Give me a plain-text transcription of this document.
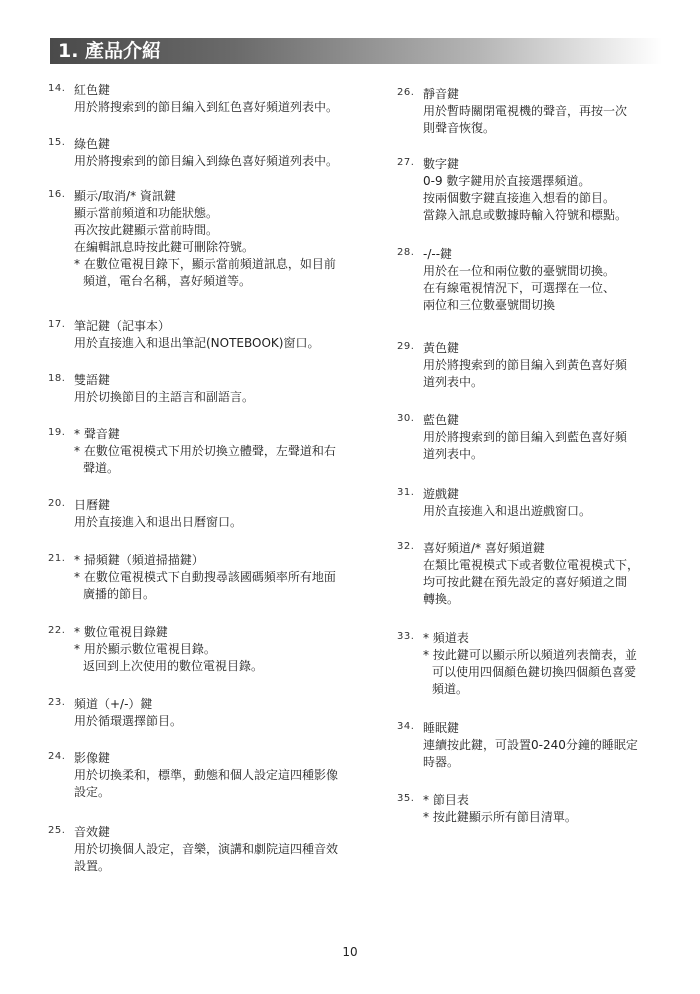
1. 產品介紹
14. 紅色鍵
用於將搜索到的節目編入到紅色喜好頻道列表中。
15. 綠色鍵
用於將搜索到的節目編入到綠色喜好頻道列表中。
16. 顯示/取消/* 資訊鍵
顯示當前頻道和功能狀態。
再次按此鍵顯示當前時間。
在編輯訊息時按此鍵可刪除符號。
* 在數位電視目錄下，顯示當前頻道訊息，如目前
頻道，電台名稱，喜好頻道等。
17. 筆記鍵（記事本）
用於直接進入和退出筆記(NOTEBOOK)窗口。
18. 雙語鍵
用於切換節目的主語言和副語言。
19. * 聲音鍵
* 在數位電視模式下用於切換立體聲，左聲道和右
聲道。
20. 日曆鍵
用於直接進入和退出日曆窗口。
21. * 掃頻鍵（頻道掃描鍵）
* 在數位電視模式下自動搜尋該國碼頻率所有地面
廣播的節目。
22. * 數位電視目錄鍵
* 用於顯示數位電視目錄。
返回到上次使用的數位電視目錄。
23. 頻道（+/-）鍵
用於循環選擇節目。
24. 影像鍵
用於切換柔和，標準，動態和個人設定這四種影像
設定。
25. 音效鍵
用於切換個人設定，音樂，演講和劇院這四種音效
設置。
26. 靜音鍵
用於暫時關閉電視機的聲音，再按一次
則聲音恢復。
27. 數字鍵
0-9 數字鍵用於直接選擇頻道。
按兩個數字鍵直接進入想看的節目。
當錄入訊息或數據時輸入符號和標點。
28. -/--鍵
用於在一位和兩位數的臺號間切換。
在有線電視情況下，可選擇在一位、
兩位和三位數臺號間切換
29. 黃色鍵
用於將搜索到的節目編入到黃色喜好頻
道列表中。
30. 藍色鍵
用於將搜索到的節目編入到藍色喜好頻
道列表中。
31. 遊戲鍵
用於直接進入和退出遊戲窗口。
32. 喜好頻道/* 喜好頻道鍵
在類比電視模式下或者數位電視模式下，
均可按此鍵在預先設定的喜好頻道之間
轉換。
33. * 頻道表
* 按此鍵可以顯示所以頻道列表簡表，並
可以使用四個顏色鍵切換四個顏色喜愛
頻道。
34. 睡眠鍵
連續按此鍵，可設置0-240分鐘的睡眠定
時器。
35. * 節目表
* 按此鍵顯示所有節目清單。
10
